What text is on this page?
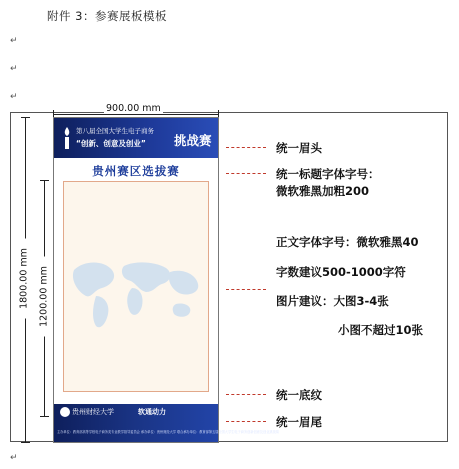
附件 3：参赛展板模板
↵
↵
↵
↵
900.00 mm
1800.00 mm 1200.00 mm
第八届全国大学生电子商务
“创新、创意及创业” 挑战赛
贵州赛区选拔赛
贵州财经大学	软通动力
主办单位：教育部高等学校电子商务类专业教学指导委员会 承办单位：贵州财经大学 联合承办单位：教育部第五届全国大学生电子商务创新创意及创业挑战赛
统一眉头
统一标题字体字号：
微软雅黑加粗200
正文字体字号：微软雅黑40
字数建议500-1000字符
图片建议：大图3-4张
小图不超过10张
统一底纹
统一眉尾
